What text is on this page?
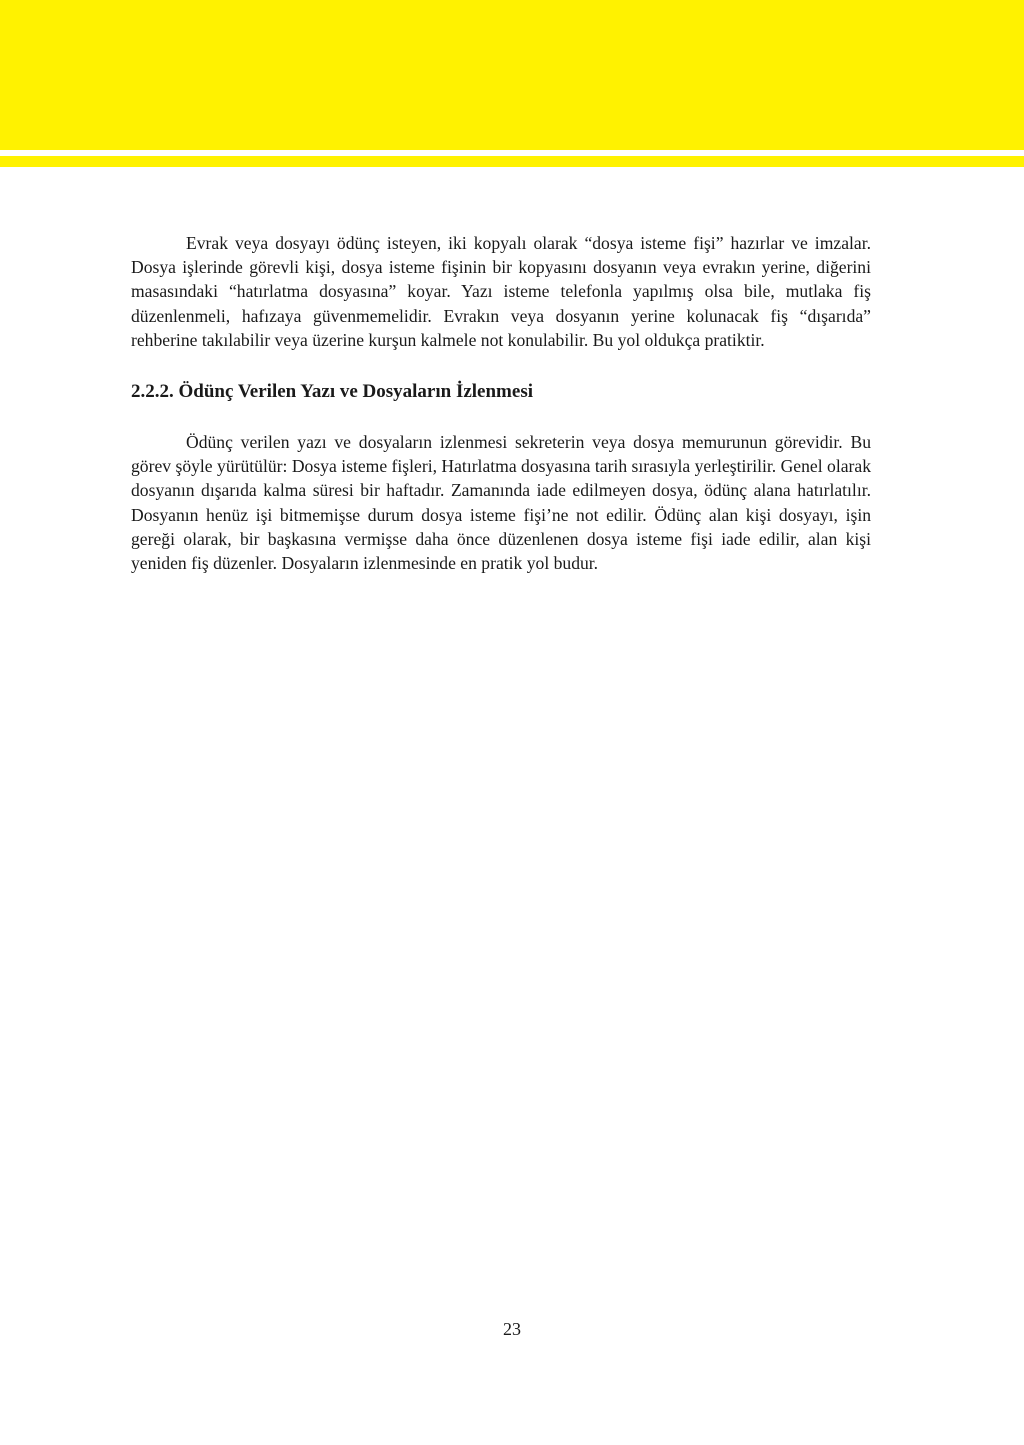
Evrak veya dosyayı ödünç isteyen, iki kopyalı olarak “dosya isteme fişi” hazırlar ve imzalar. Dosya işlerinde görevli kişi, dosya isteme fişinin bir kopyasını dosyanın veya evrakın yerine, diğerini masasındaki “hatırlatma dosyasına” koyar. Yazı isteme telefonla yapılmış olsa bile, mutlaka fiş düzenlenmeli, hafızaya güvenmemelidir. Evrakın veya dosyanın yerine kolunacak fiş “dışarıda” rehberine takılabilir veya üzerine kurşun kalmele not konulabilir. Bu yol oldukça pratiktir.

2.2.2. Ödünç Verilen Yazı ve Dosyaların İzlenmesi

Ödünç verilen yazı ve dosyaların izlenmesi sekreterin veya dosya memurunun görevidir. Bu görev şöyle yürütülür: Dosya isteme fişleri, Hatırlatma dosyasına tarih sırasıyla yerleştirilir. Genel olarak dosyanın dışarıda kalma süresi bir haftadır. Zamanında iade edilmeyen dosya, ödünç alana hatırlatılır. Dosyanın henüz işi bitmemişse durum dosya isteme fişi’ne not edilir. Ödünç alan kişi dosyayı, işin gereği olarak, bir başkasına vermişse daha önce düzenlenen dosya isteme fişi iade edilir, alan kişi yeniden fiş düzenler. Dosyaların izlenmesinde en pratik yol budur.

23
